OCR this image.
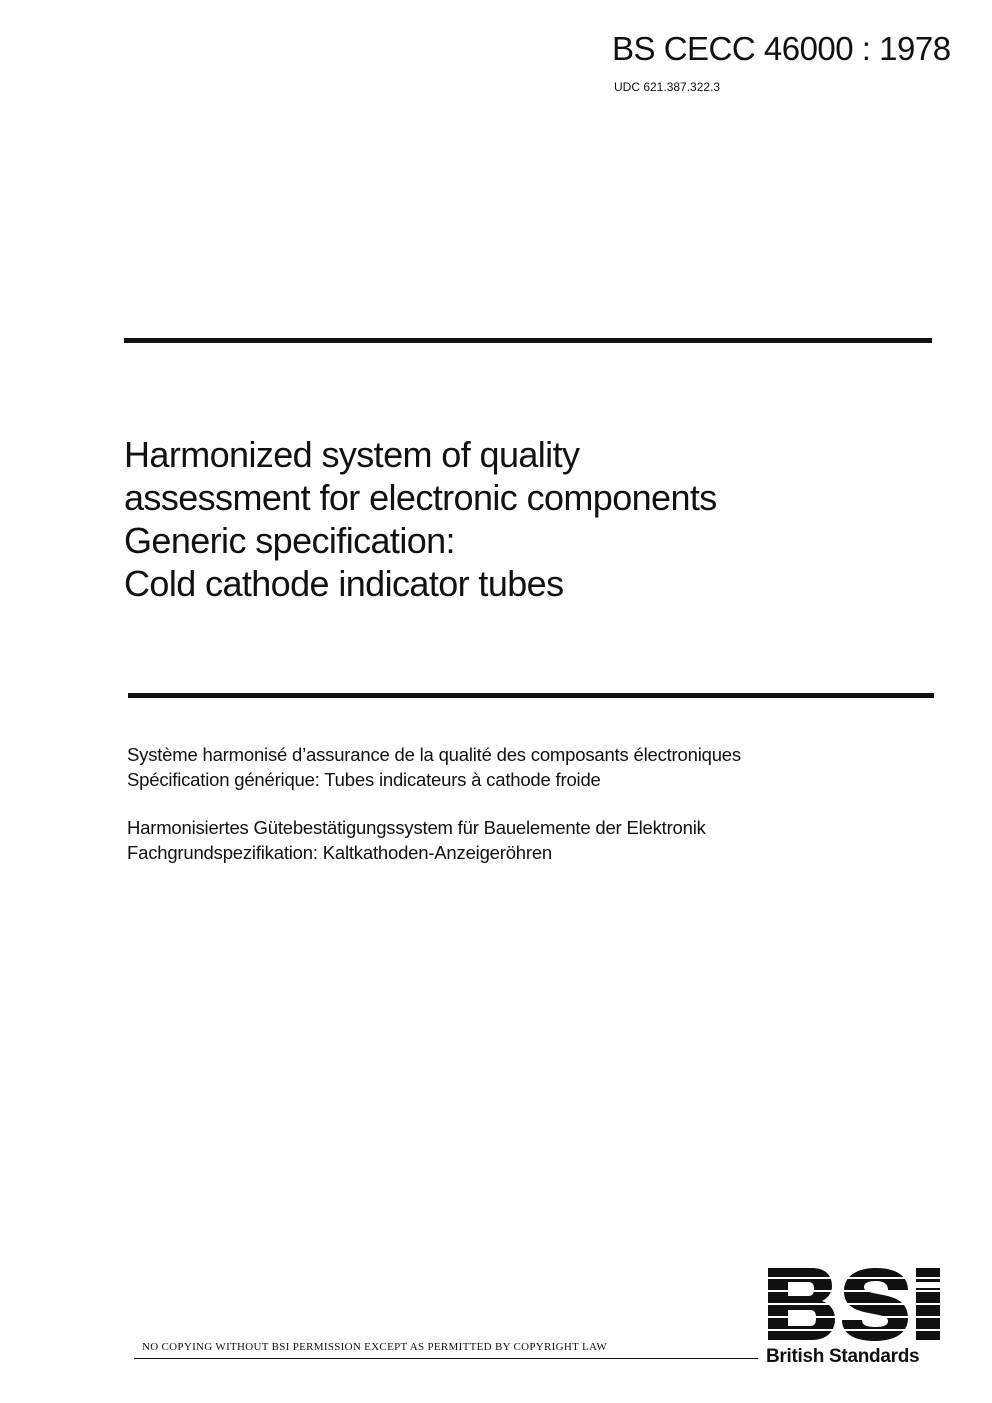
BS CECC 46000 : 1978
UDC 621.387.322.3
Harmonized system of quality
assessment for electronic components
Generic specification:
Cold cathode indicator tubes
Système harmonisé d’assurance de la qualité des composants électroniques
Spécification générique: Tubes indicateurs à cathode froide
Harmonisiertes Gütebestätigungssystem für Bauelemente der Elektronik
Fachgrundspezifikation: Kaltkathoden-Anzeigeröhren
NO COPYING WITHOUT BSI PERMISSION EXCEPT AS PERMITTED BY COPYRIGHT LAW	British Standards
